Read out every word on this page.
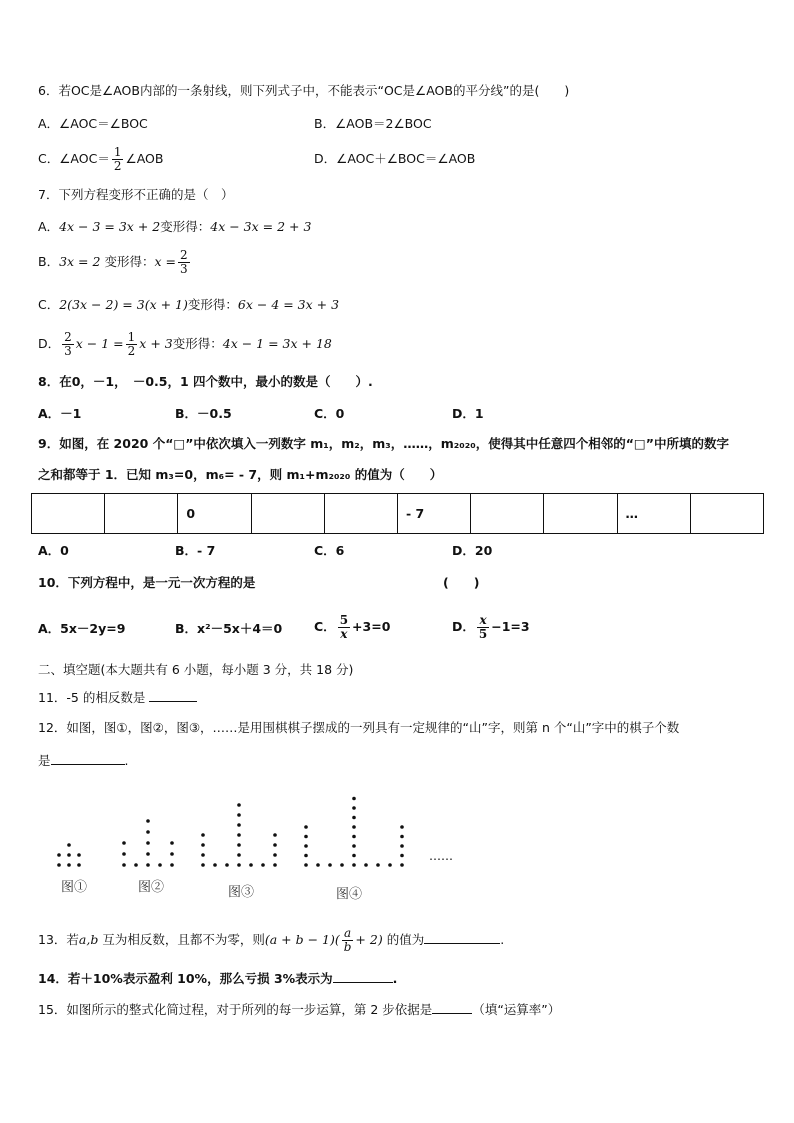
6．若OC是∠AOB内部的一条射线，则下列式子中，不能表示“OC是∠AOB的平分线”的是(　　)
A．∠AOC＝∠BOC	B．∠AOB＝2∠BOC
C．∠AOC＝ $\frac{1}{2}$ ∠AOB	D．∠AOC＋∠BOC＝∠AOB
7．下列方程变形不正确的是（　）
A．4x − 3 = 3x + 2变形得：4x − 3x = 2 + 3
B．3x = 2 变形得：$x = \frac{2}{3}$
C．2(3x − 2) = 3(x + 1)变形得：6x − 4 = 3x + 3
D． $\frac{2}{3}$ $x - 1 = \frac{1}{2}$ x + 3变形得：4x − 1 = 3x + 18
8．在0，－1，　－0.5，1 四个数中，最小的数是（　　）.
A．－1	B．－0.5	C．0	D．1
9．如图，在 2020 个“□”中依次填入一列数字 m₁，m₂，m₃，……，m₂₀₂₀，使得其中任意四个相邻的“□”中所填的数字
之和都等于 1．已知 m₃=0，m₆= - 7，则 m₁+m₂₀₂₀ 的值为（　　）
		0			- 7			…	
A．0	B．- 7	C．6	D．20
10．下列方程中，是一元一次方程的是	(　　)
A．5x－2y=9	B．x²－5x＋4＝0	C． $\frac{5}{x} +3=0$	D． $\frac{x}{5} -1=3$
二、填空题(本大题共有 6 小题，每小题 3 分，共 18 分)
11．-5 的相反数是
12．如图，图①，图②，图③，……是用围棋棋子摆成的一列具有一定规律的“山”字，则第 n 个“山”字中的棋子个数
是	.
图①	图②	图③	图④
……
13．若a,b 互为相反数，且都不为零，则$(a + b - 1)( \frac{a}{b} + 2)$ 的值为	.
14．若＋10%表示盈利 10%，那么亏损 3%表示为	.
15．如图所示的整式化简过程，对于所列的每一步运算，第 2 步依据是	（填“运算率”）
